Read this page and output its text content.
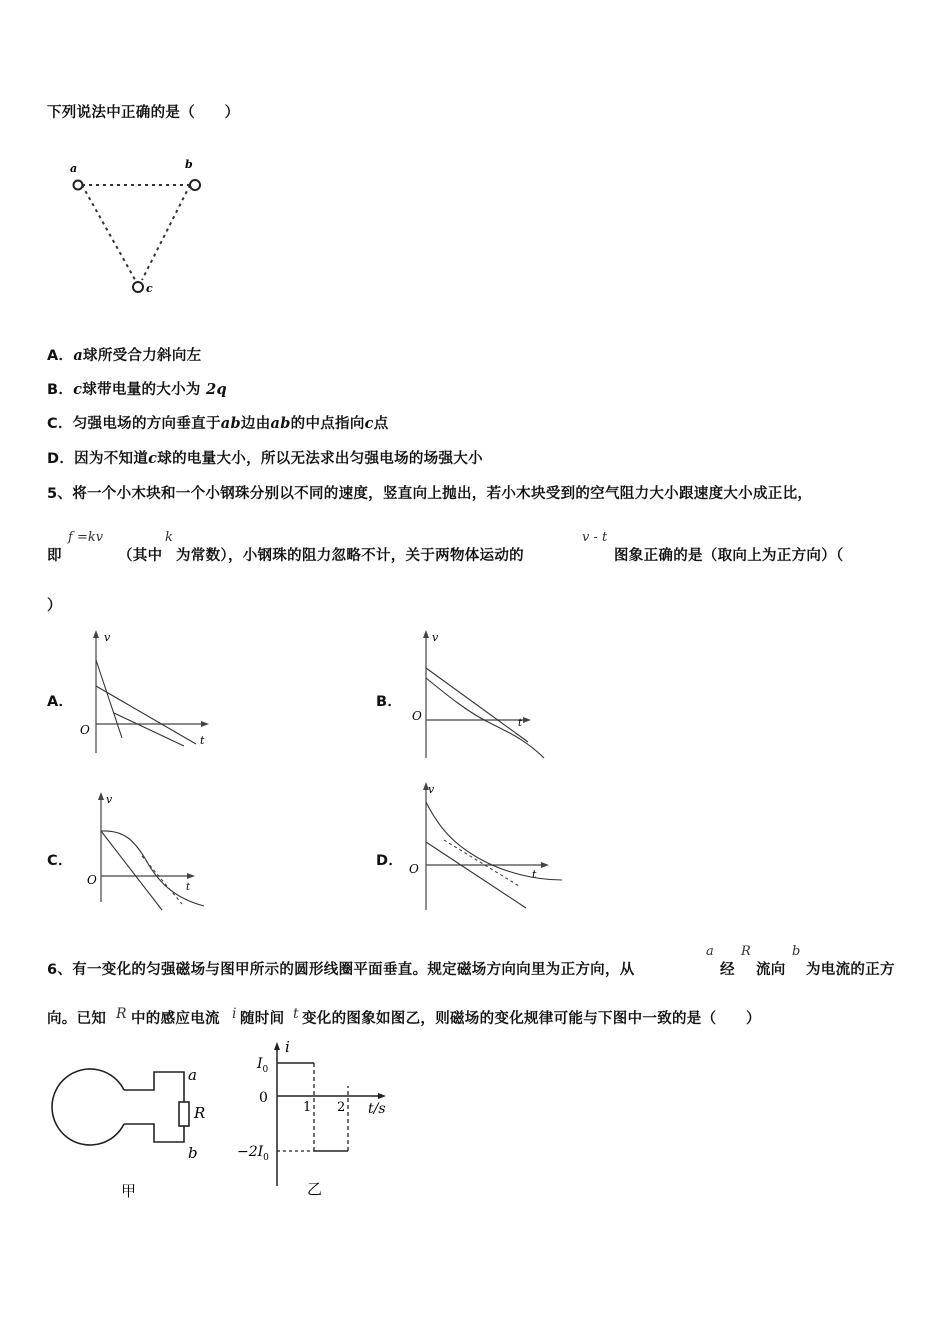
下列说法中正确的是（　　）
a	b
c
A．a球所受合力斜向左
B．c球带电量的大小为 2q
C．匀强电场的方向垂直于ab边由ab的中点指向c点
D．因为不知道c球的电量大小，所以无法求出匀强电场的场强大小
5、将一个小木块和一个小钢珠分别以不同的速度，竖直向上抛出，若小木块受到的空气阻力大小跟速度大小成正比，
即
f =kv
（其中
k
为常数），小钢珠的阻力忽略不计，关于两物体运动的
v - t
图象正确的是（取向上为正方向）（
）
A．	B．
C．	D．
v
t
O
v
t
O
v
t
O
v
t
O
6、有一变化的匀强磁场与图甲所示的圆形线圈平面垂直。规定磁场方向向里为正方向，从
a
经
R
流向
b
为电流的正方
向。已知 R 中的感应电流 i 随时间 t 变化的图象如图乙，则磁场的变化规律可能与下图中一致的是（　　）
a
R
b
甲
i
$I_0$
0
1 2 t/s
$-2I_0$
乙
